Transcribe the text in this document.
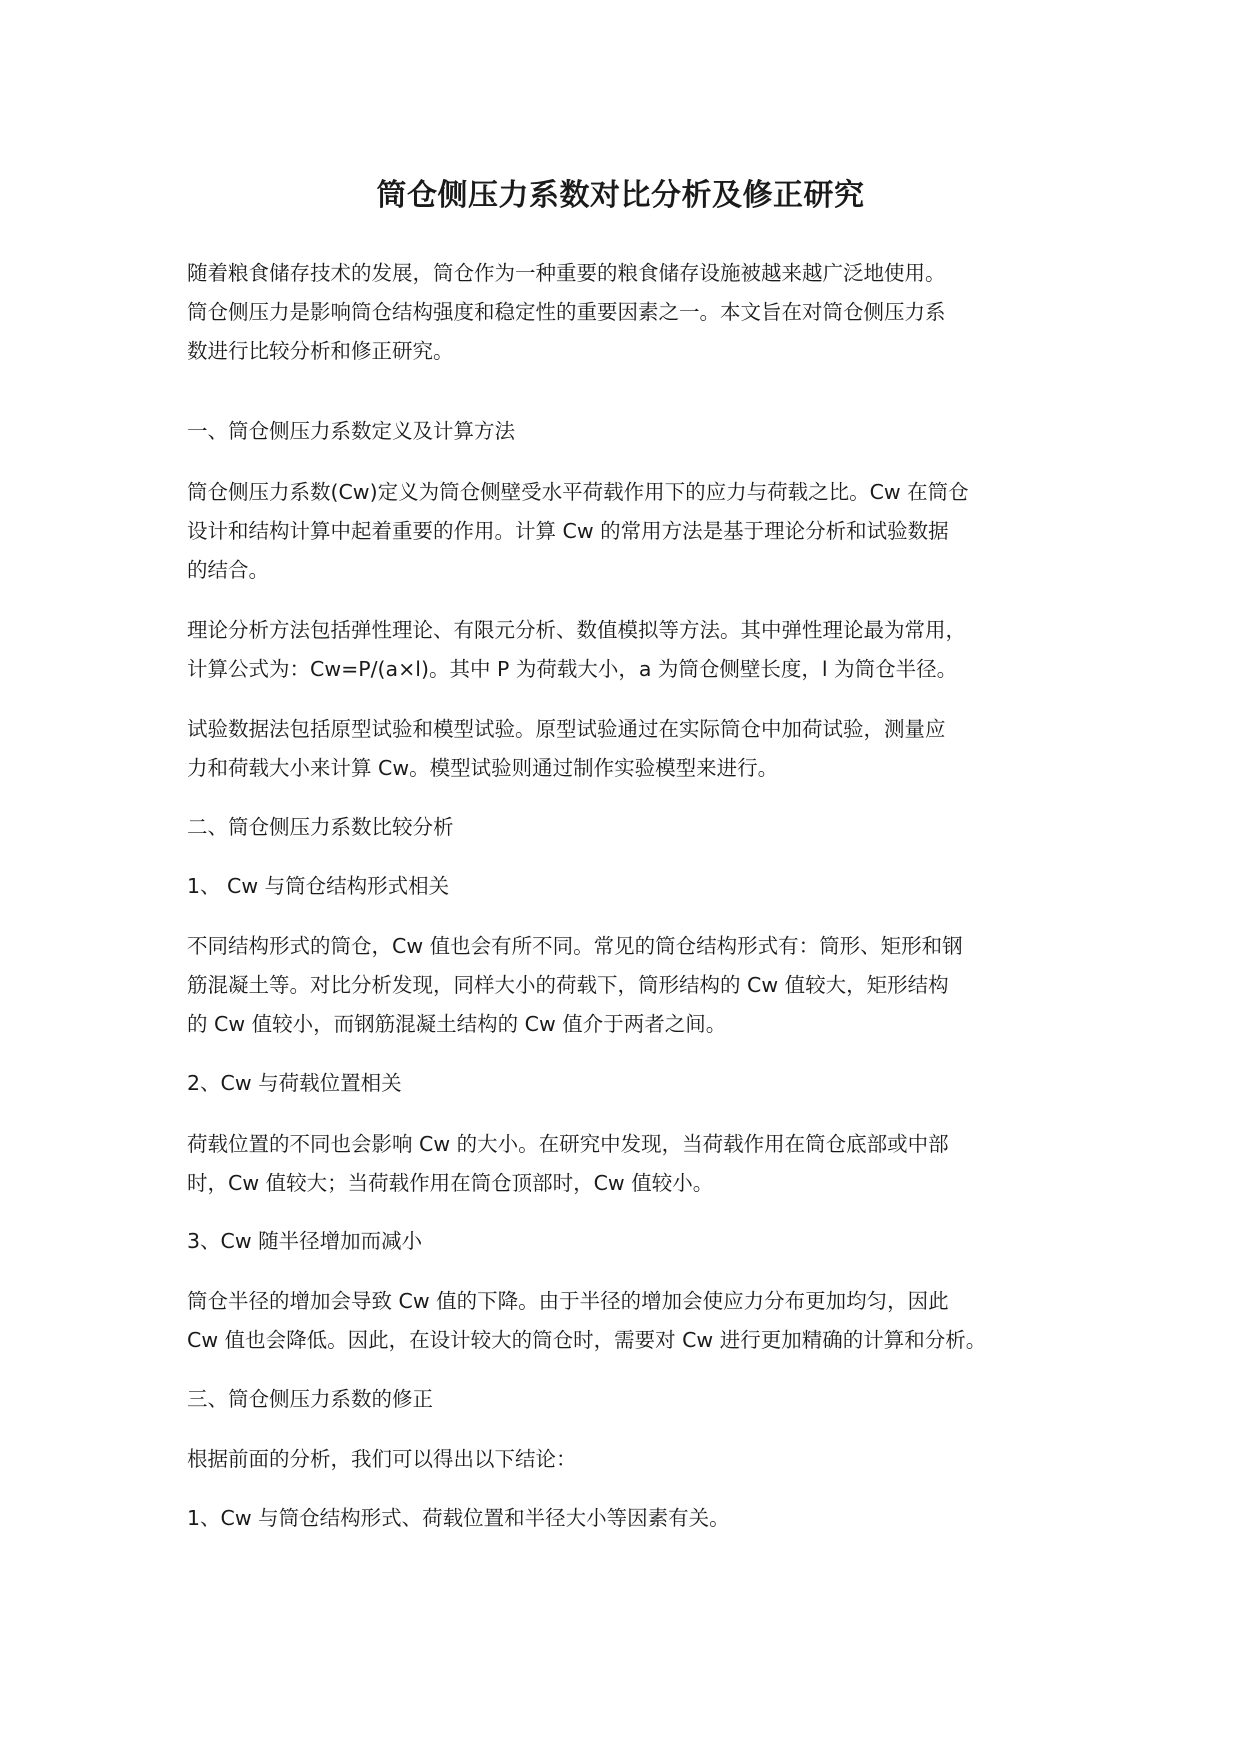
筒仓侧压力系数对比分析及修正研究

随着粮食储存技术的发展，筒仓作为一种重要的粮食储存设施被越来越广泛地使用。
筒仓侧压力是影响筒仓结构强度和稳定性的重要因素之一。本文旨在对筒仓侧压力系
数进行比较分析和修正研究。

一、筒仓侧压力系数定义及计算方法

筒仓侧压力系数(Cw)定义为筒仓侧壁受水平荷载作用下的应力与荷载之比。Cw 在筒仓
设计和结构计算中起着重要的作用。计算 Cw 的常用方法是基于理论分析和试验数据
的结合。

理论分析方法包括弹性理论、有限元分析、数值模拟等方法。其中弹性理论最为常用，
计算公式为：Cw=P/(a×l)。其中 P 为荷载大小，a 为筒仓侧壁长度，l 为筒仓半径。

试验数据法包括原型试验和模型试验。原型试验通过在实际筒仓中加荷试验，测量应
力和荷载大小来计算 Cw。模型试验则通过制作实验模型来进行。

二、筒仓侧压力系数比较分析

1、 Cw 与筒仓结构形式相关

不同结构形式的筒仓，Cw 值也会有所不同。常见的筒仓结构形式有：筒形、矩形和钢
筋混凝土等。对比分析发现，同样大小的荷载下，筒形结构的 Cw 值较大，矩形结构
的 Cw 值较小，而钢筋混凝土结构的 Cw 值介于两者之间。

2、Cw 与荷载位置相关

荷载位置的不同也会影响 Cw 的大小。在研究中发现，当荷载作用在筒仓底部或中部
时，Cw 值较大；当荷载作用在筒仓顶部时，Cw 值较小。

3、Cw 随半径增加而减小

筒仓半径的增加会导致 Cw 值的下降。由于半径的增加会使应力分布更加均匀，因此
Cw 值也会降低。因此，在设计较大的筒仓时，需要对 Cw 进行更加精确的计算和分析。

三、筒仓侧压力系数的修正

根据前面的分析，我们可以得出以下结论：

1、Cw 与筒仓结构形式、荷载位置和半径大小等因素有关。
